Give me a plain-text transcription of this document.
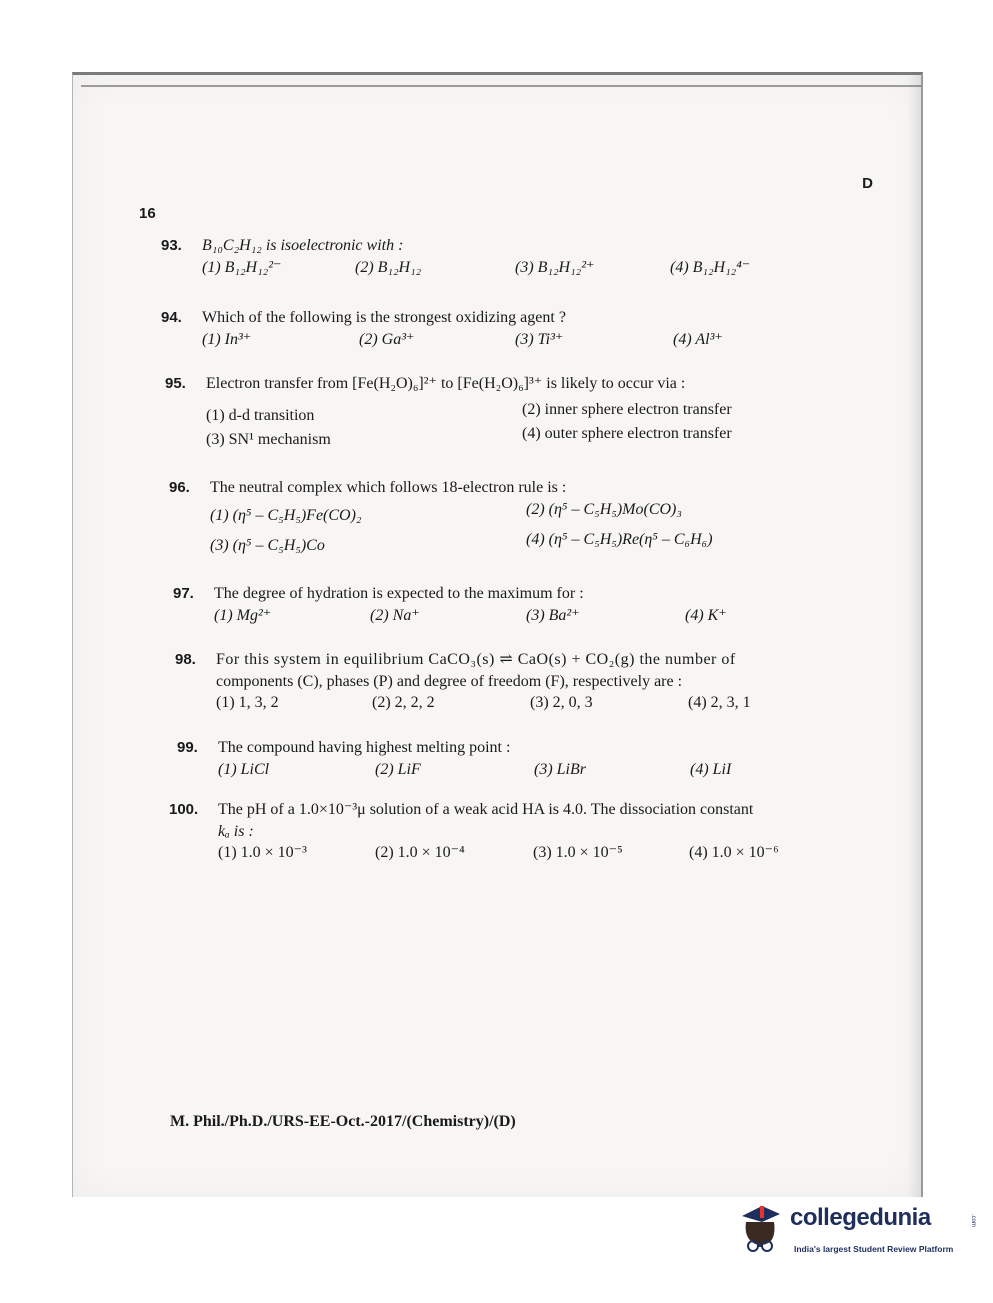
16
D
93. B₁₀C₂H₁₂ is isoelectronic with :
(1) B₁₂H₁₂²⁻	(2) B₁₂H₁₂	(3) B₁₂H₁₂²⁺	(4) B₁₂H₁₂⁴⁻
94. Which of the following is the strongest oxidizing agent ?
(1) In³⁺	(2) Ga³⁺	(3) Ti³⁺	(4) Al³⁺
95. Electron transfer from [Fe(H₂O)₆]²⁺ to [Fe(H₂O)₆]³⁺ is likely to occur via :
(1) d-d transition	(2) inner sphere electron transfer
(3) SN¹ mechanism	(4) outer sphere electron transfer
96. The neutral complex which follows 18-electron rule is :
(1) (η⁵ – C₅H₅)Fe(CO)₂	(2) (η⁵ – C₅H₅)Mo(CO)₃
(3) (η⁵ – C₅H₅)Co	(4) (η⁵ – C₅H₅)Re(η⁵ – C₆H₆)
97. The degree of hydration is expected to the maximum for :
(1) Mg²⁺	(2) Na⁺	(3) Ba²⁺	(4) K⁺
98. For this system in equilibrium CaCO₃(s) ⇌ CaO(s) + CO₂(g) the number of
components (C), phases (P) and degree of freedom (F), respectively are :
(1) 1, 3, 2	(2) 2, 2, 2	(3) 2, 0, 3	(4) 2, 3, 1
99. The compound having highest melting point :
(1) LiCl	(2) LiF	(3) LiBr	(4) LiI
100. The pH of a 1.0×10⁻³μ solution of a weak acid HA is 4.0. The dissociation constant
kₐ is :
(1) 1.0 × 10⁻³	(2) 1.0 × 10⁻⁴	(3) 1.0 × 10⁻⁵	(4) 1.0 × 10⁻⁶
M. Phil./Ph.D./URS-EE-Oct.-2017/(Chemistry)/(D)
collegedunia	.com
India's largest Student Review Platform
